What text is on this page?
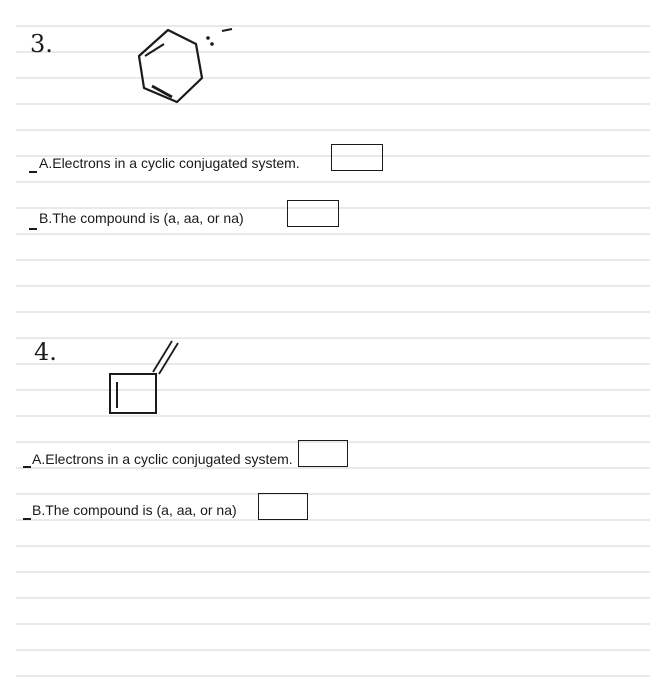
3.
A.Electrons in a cyclic conjugated system.
B.The compound is (a, aa, or na)
4.
A.Electrons in a cyclic conjugated system.
B.The compound is (a, aa, or na)
